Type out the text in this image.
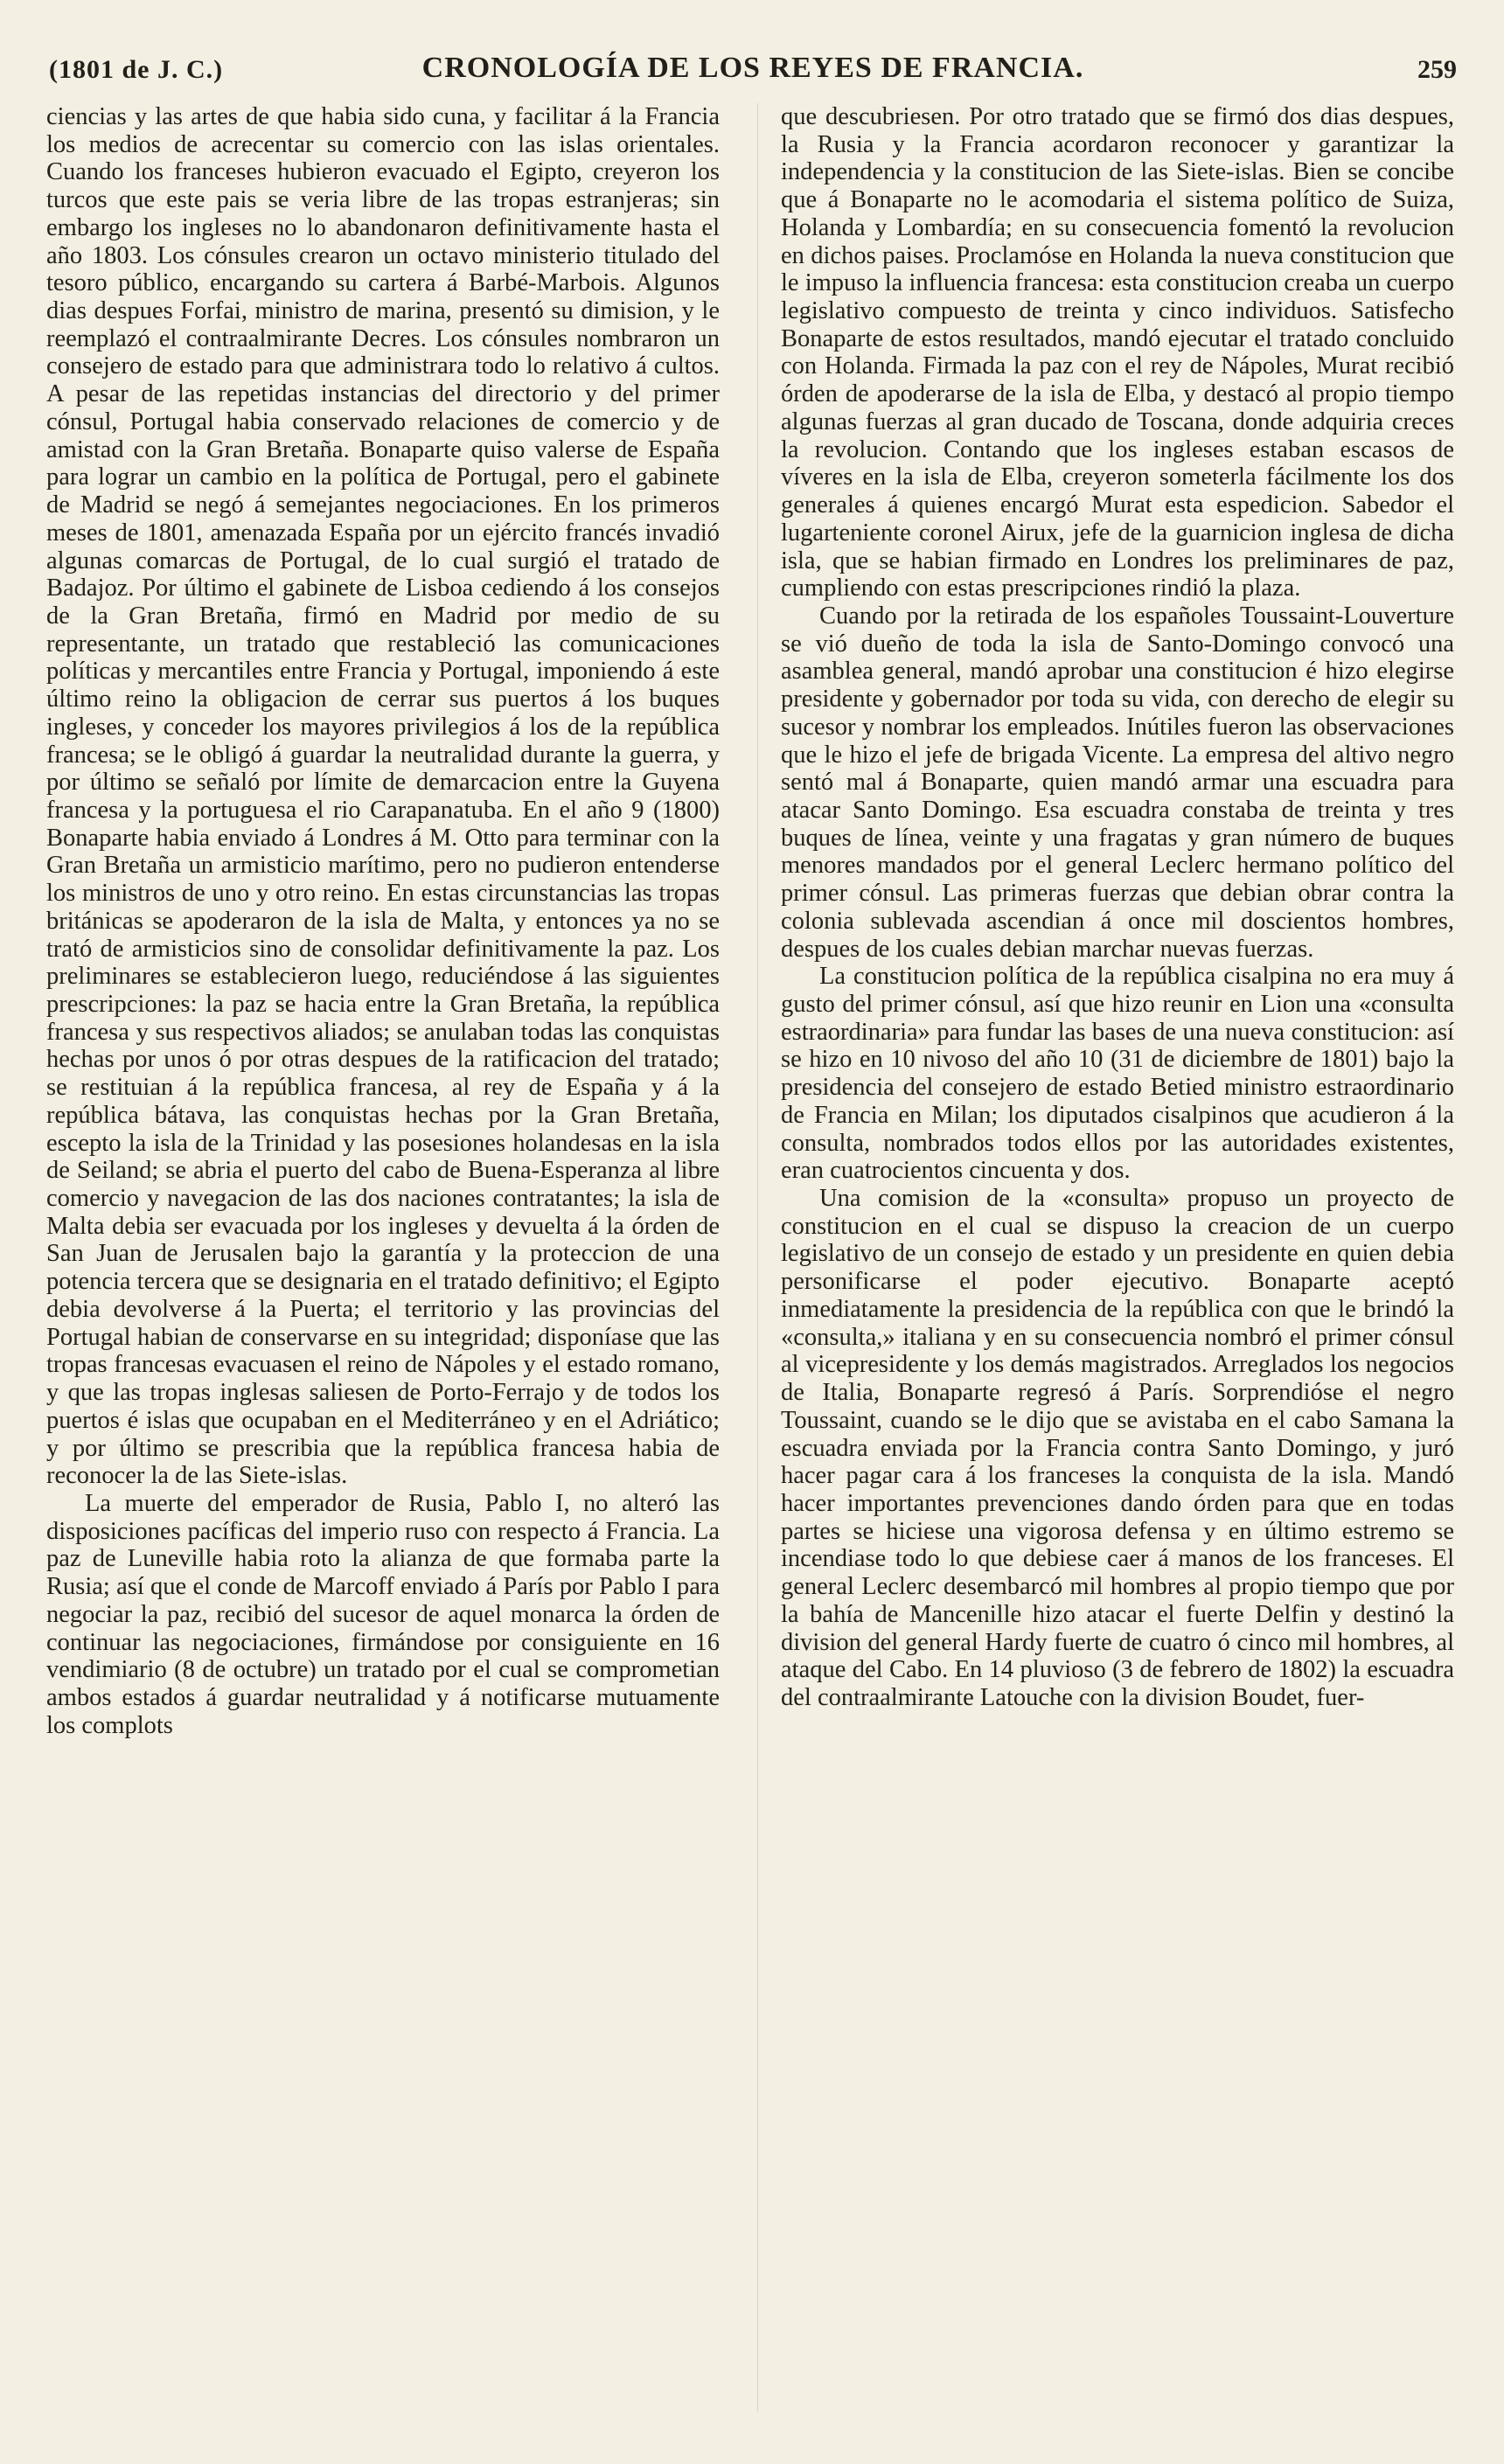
(1801 de J. C.)	CRONOLOGÍA DE LOS REYES DE FRANCIA.	259

ciencias y las artes de que habia sido cuna, y facilitar á la Francia los medios de acrecentar su comercio con las islas orientales. Cuando los franceses hubieron evacuado el Egipto, creyeron los turcos que este pais se veria libre de las tropas estranjeras; sin embargo los ingleses no lo abandonaron definitivamente hasta el año 1803. Los cónsules crearon un octavo ministerio titulado del tesoro público, encargando su cartera á Barbé-Marbois. Algunos dias despues Forfai, ministro de marina, presentó su dimision, y le reemplazó el contraalmirante Decres. Los cónsules nombraron un consejero de estado para que administrara todo lo relativo á cultos. A pesar de las repetidas instancias del directorio y del primer cónsul, Portugal habia conservado relaciones de comercio y de amistad con la Gran Bretaña. Bonaparte quiso valerse de España para lograr un cambio en la política de Portugal, pero el gabinete de Madrid se negó á semejantes negociaciones. En los primeros meses de 1801, amenazada España por un ejército francés invadió algunas comarcas de Portugal, de lo cual surgió el tratado de Badajoz. Por último el gabinete de Lisboa cediendo á los consejos de la Gran Bretaña, firmó en Madrid por medio de su representante, un tratado que restableció las comunicaciones políticas y mercantiles entre Francia y Portugal, imponiendo á este último reino la obligacion de cerrar sus puertos á los buques ingleses, y conceder los mayores privilegios á los de la república francesa; se le obligó á guardar la neutralidad durante la guerra, y por último se señaló por límite de demarcacion entre la Guyena francesa y la portuguesa el rio Carapanatuba. En el año 9 (1800) Bonaparte habia enviado á Londres á M. Otto para terminar con la Gran Bretaña un armisticio marítimo, pero no pudieron entenderse los ministros de uno y otro reino. En estas circunstancias las tropas británicas se apoderaron de la isla de Malta, y entonces ya no se trató de armisticios sino de consolidar definitivamente la paz. Los preliminares se establecieron luego, reduciéndose á las siguientes prescripciones: la paz se hacia entre la Gran Bretaña, la república francesa y sus respectivos aliados; se anulaban todas las conquistas hechas por unos ó por otras despues de la ratificacion del tratado; se restituian á la república francesa, al rey de España y á la república bátava, las conquistas hechas por la Gran Bretaña, escepto la isla de la Trinidad y las posesiones holandesas en la isla de Seiland; se abria el puerto del cabo de Buena-Esperanza al libre comercio y navegacion de las dos naciones contratantes; la isla de Malta debia ser evacuada por los ingleses y devuelta á la órden de San Juan de Jerusalen bajo la garantía y la proteccion de una potencia tercera que se designaria en el tratado definitivo; el Egipto debia devolverse á la Puerta; el territorio y las provincias del Portugal habian de conservarse en su integridad; disponíase que las tropas francesas evacuasen el reino de Nápoles y el estado romano, y que las tropas inglesas saliesen de Porto-Ferrajo y de todos los puertos é islas que ocupaban en el Mediterráneo y en el Adriático; y por último se prescribia que la república francesa habia de reconocer la de las Siete-islas.

La muerte del emperador de Rusia, Pablo I, no alteró las disposiciones pacíficas del imperio ruso con respecto á Francia. La paz de Luneville habia roto la alianza de que formaba parte la Rusia; así que el conde de Marcoff enviado á París por Pablo I para negociar la paz, recibió del sucesor de aquel monarca la órden de continuar las negociaciones, firmándose por consiguiente en 16 vendimiario (8 de octubre) un tratado por el cual se comprometian ambos estados á guardar neutralidad y á notificarse mutuamente los complots

que descubriesen. Por otro tratado que se firmó dos dias despues, la Rusia y la Francia acordaron reconocer y garantizar la independencia y la constitucion de las Siete-islas. Bien se concibe que á Bonaparte no le acomodaria el sistema político de Suiza, Holanda y Lombardía; en su consecuencia fomentó la revolucion en dichos paises. Proclamóse en Holanda la nueva constitucion que le impuso la influencia francesa: esta constitucion creaba un cuerpo legislativo compuesto de treinta y cinco individuos. Satisfecho Bonaparte de estos resultados, mandó ejecutar el tratado concluido con Holanda. Firmada la paz con el rey de Nápoles, Murat recibió órden de apoderarse de la isla de Elba, y destacó al propio tiempo algunas fuerzas al gran ducado de Toscana, donde adquiria creces la revolucion. Contando que los ingleses estaban escasos de víveres en la isla de Elba, creyeron someterla fácilmente los dos generales á quienes encargó Murat esta espedicion. Sabedor el lugarteniente coronel Airux, jefe de la guarnicion inglesa de dicha isla, que se habian firmado en Londres los preliminares de paz, cumpliendo con estas prescripciones rindió la plaza.

Cuando por la retirada de los españoles Toussaint-Louverture se vió dueño de toda la isla de Santo-Domingo convocó una asamblea general, mandó aprobar una constitucion é hizo elegirse presidente y gobernador por toda su vida, con derecho de elegir su sucesor y nombrar los empleados. Inútiles fueron las observaciones que le hizo el jefe de brigada Vicente. La empresa del altivo negro sentó mal á Bonaparte, quien mandó armar una escuadra para atacar Santo Domingo. Esa escuadra constaba de treinta y tres buques de línea, veinte y una fragatas y gran número de buques menores mandados por el general Leclerc hermano político del primer cónsul. Las primeras fuerzas que debian obrar contra la colonia sublevada ascendian á once mil doscientos hombres, despues de los cuales debian marchar nuevas fuerzas.

La constitucion política de la república cisalpina no era muy á gusto del primer cónsul, así que hizo reunir en Lion una «consulta estraordinaria» para fundar las bases de una nueva constitucion: así se hizo en 10 nivoso del año 10 (31 de diciembre de 1801) bajo la presidencia del consejero de estado Betied ministro estraordinario de Francia en Milan; los diputados cisalpinos que acudieron á la consulta, nombrados todos ellos por las autoridades existentes, eran cuatrocientos cincuenta y dos.

Una comision de la «consulta» propuso un proyecto de constitucion en el cual se dispuso la creacion de un cuerpo legislativo de un consejo de estado y un presidente en quien debia personificarse el poder ejecutivo. Bonaparte aceptó inmediatamente la presidencia de la república con que le brindó la «consulta,» italiana y en su consecuencia nombró el primer cónsul al vicepresidente y los demás magistrados. Arreglados los negocios de Italia, Bonaparte regresó á París. Sorprendióse el negro Toussaint, cuando se le dijo que se avistaba en el cabo Samana la escuadra enviada por la Francia contra Santo Domingo, y juró hacer pagar cara á los franceses la conquista de la isla. Mandó hacer importantes prevenciones dando órden para que en todas partes se hiciese una vigorosa defensa y en último estremo se incendiase todo lo que debiese caer á manos de los franceses. El general Leclerc desembarcó mil hombres al propio tiempo que por la bahía de Mancenille hizo atacar el fuerte Delfin y destinó la division del general Hardy fuerte de cuatro ó cinco mil hombres, al ataque del Cabo. En 14 pluvioso (3 de febrero de 1802) la escuadra del contraalmirante Latouche con la division Boudet, fuer-
